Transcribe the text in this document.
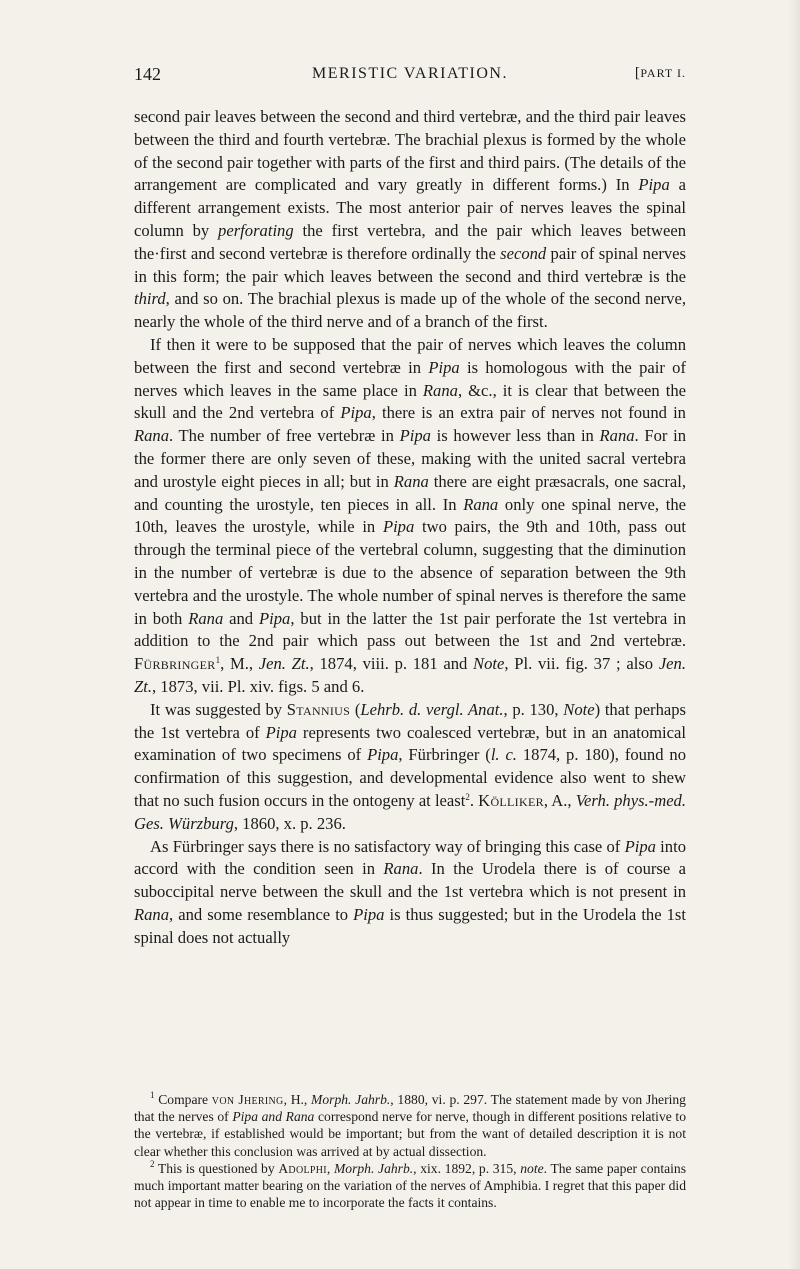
142	MERISTIC VARIATION.	[PART I.

second pair leaves between the second and third vertebræ, and the third pair leaves between the third and fourth vertebræ. The brachial plexus is formed by the whole of the second pair together with parts of the first and third pairs. (The details of the arrangement are complicated and vary greatly in different forms.) In Pipa a different arrangement exists. The most anterior pair of nerves leaves the spinal column by perforating the first vertebra, and the pair which leaves between the·first and second vertebræ is therefore ordinally the second pair of spinal nerves in this form; the pair which leaves between the second and third vertebræ is the third, and so on. The brachial plexus is made up of the whole of the second nerve, nearly the whole of the third nerve and of a branch of the first.

If then it were to be supposed that the pair of nerves which leaves the column between the first and second vertebræ in Pipa is homologous with the pair of nerves which leaves in the same place in Rana, &c., it is clear that between the skull and the 2nd vertebra of Pipa, there is an extra pair of nerves not found in Rana. The number of free vertebræ in Pipa is however less than in Rana. For in the former there are only seven of these, making with the united sacral vertebra and urostyle eight pieces in all; but in Rana there are eight præsacrals, one sacral, and counting the urostyle, ten pieces in all. In Rana only one spinal nerve, the 10th, leaves the urostyle, while in Pipa two pairs, the 9th and 10th, pass out through the terminal piece of the vertebral column, suggesting that the diminution in the number of vertebræ is due to the absence of separation between the 9th vertebra and the urostyle. The whole number of spinal nerves is therefore the same in both Rana and Pipa, but in the latter the 1st pair perforate the 1st vertebra in addition to the 2nd pair which pass out between the 1st and 2nd vertebræ. Fürbringer$^1$, M., Jen. Zt., 1874, viii. p. 181 and Note, Pl. vii. fig. 37 ; also Jen. Zt., 1873, vii. Pl. xiv. figs. 5 and 6.

It was suggested by Stannius (Lehrb. d. vergl. Anat., p. 130, Note) that perhaps the 1st vertebra of Pipa represents two coalesced vertebræ, but in an anatomical examination of two specimens of Pipa, Fürbringer (l. c. 1874, p. 180), found no confirmation of this suggestion, and developmental evidence also went to shew that no such fusion occurs in the ontogeny at least$^2$. Kölliker, A., Verh. phys.-med. Ges. Würzburg, 1860, x. p. 236.

As Fürbringer says there is no satisfactory way of bringing this case of Pipa into accord with the condition seen in Rana. In the Urodela there is of course a suboccipital nerve between the skull and the 1st vertebra which is not present in Rana, and some resemblance to Pipa is thus suggested; but in the Urodela the 1st spinal does not actually

$^1$ Compare von Jhering, H., Morph. Jahrb., 1880, vi. p. 297. The statement made by von Jhering that the nerves of Pipa and Rana correspond nerve for nerve, though in different positions relative to the vertebræ, if established would be important; but from the want of detailed description it is not clear whether this conclusion was arrived at by actual dissection.

$^2$ This is questioned by Adolphi, Morph. Jahrb., xix. 1892, p. 315, note. The same paper contains much important matter bearing on the variation of the nerves of Amphibia. I regret that this paper did not appear in time to enable me to incorporate the facts it contains.
